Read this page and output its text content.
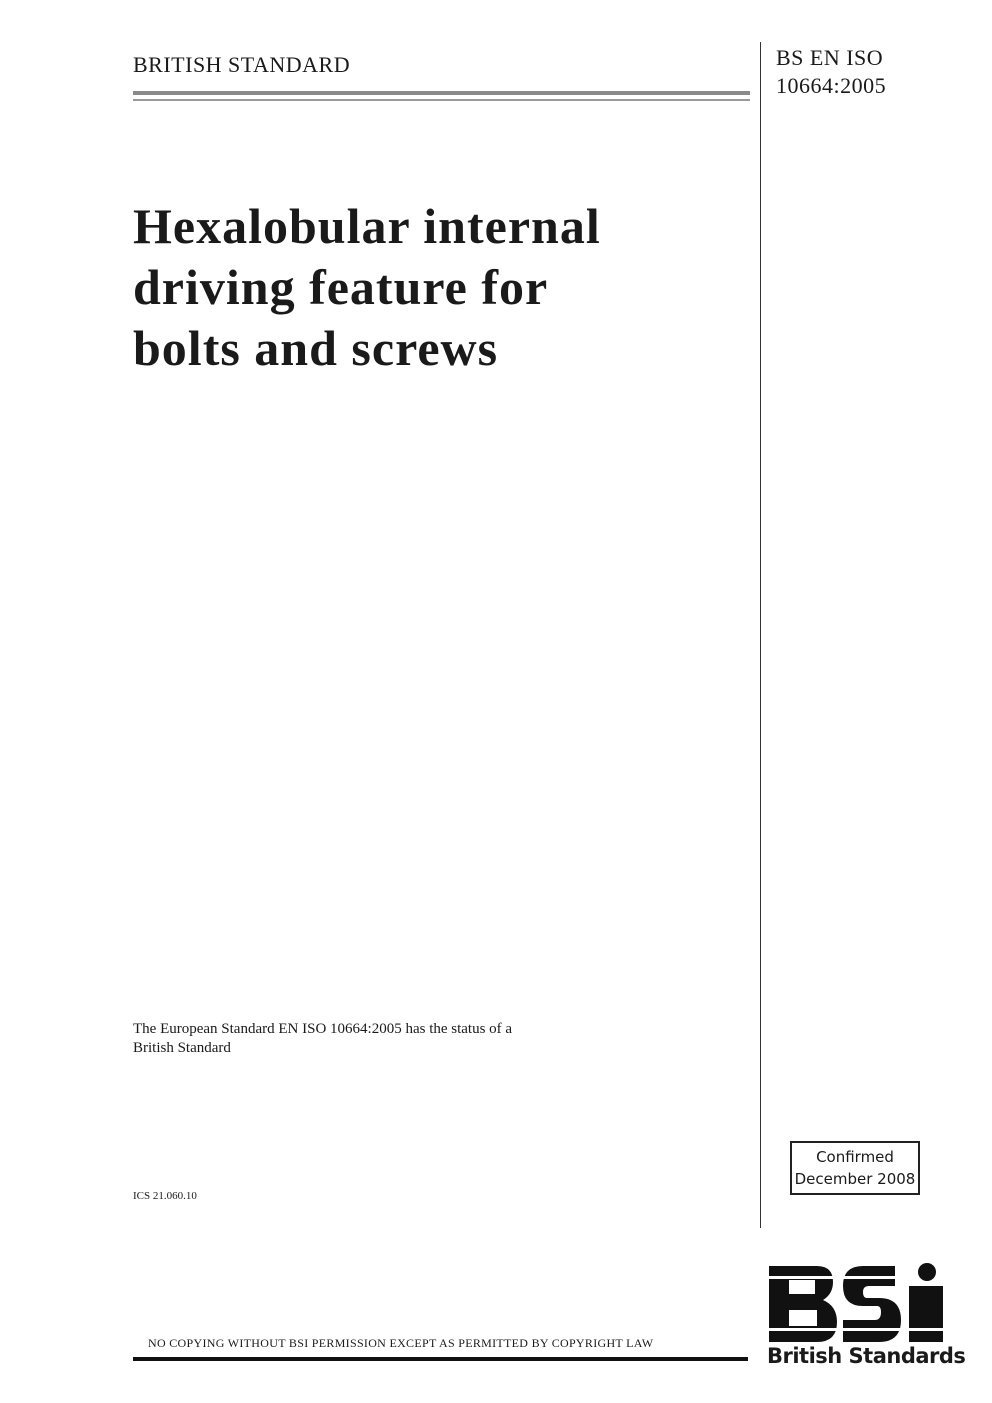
BRITISH STANDARD	BS EN ISO
10664:2005
Hexalobular internal
driving feature for
bolts and screws
The European Standard EN ISO 10664:2005 has the status of a
British Standard
ICS 21.060.10
Confirmed
December 2008
British Standards
NO COPYING WITHOUT BSI PERMISSION EXCEPT AS PERMITTED BY COPYRIGHT LAW
